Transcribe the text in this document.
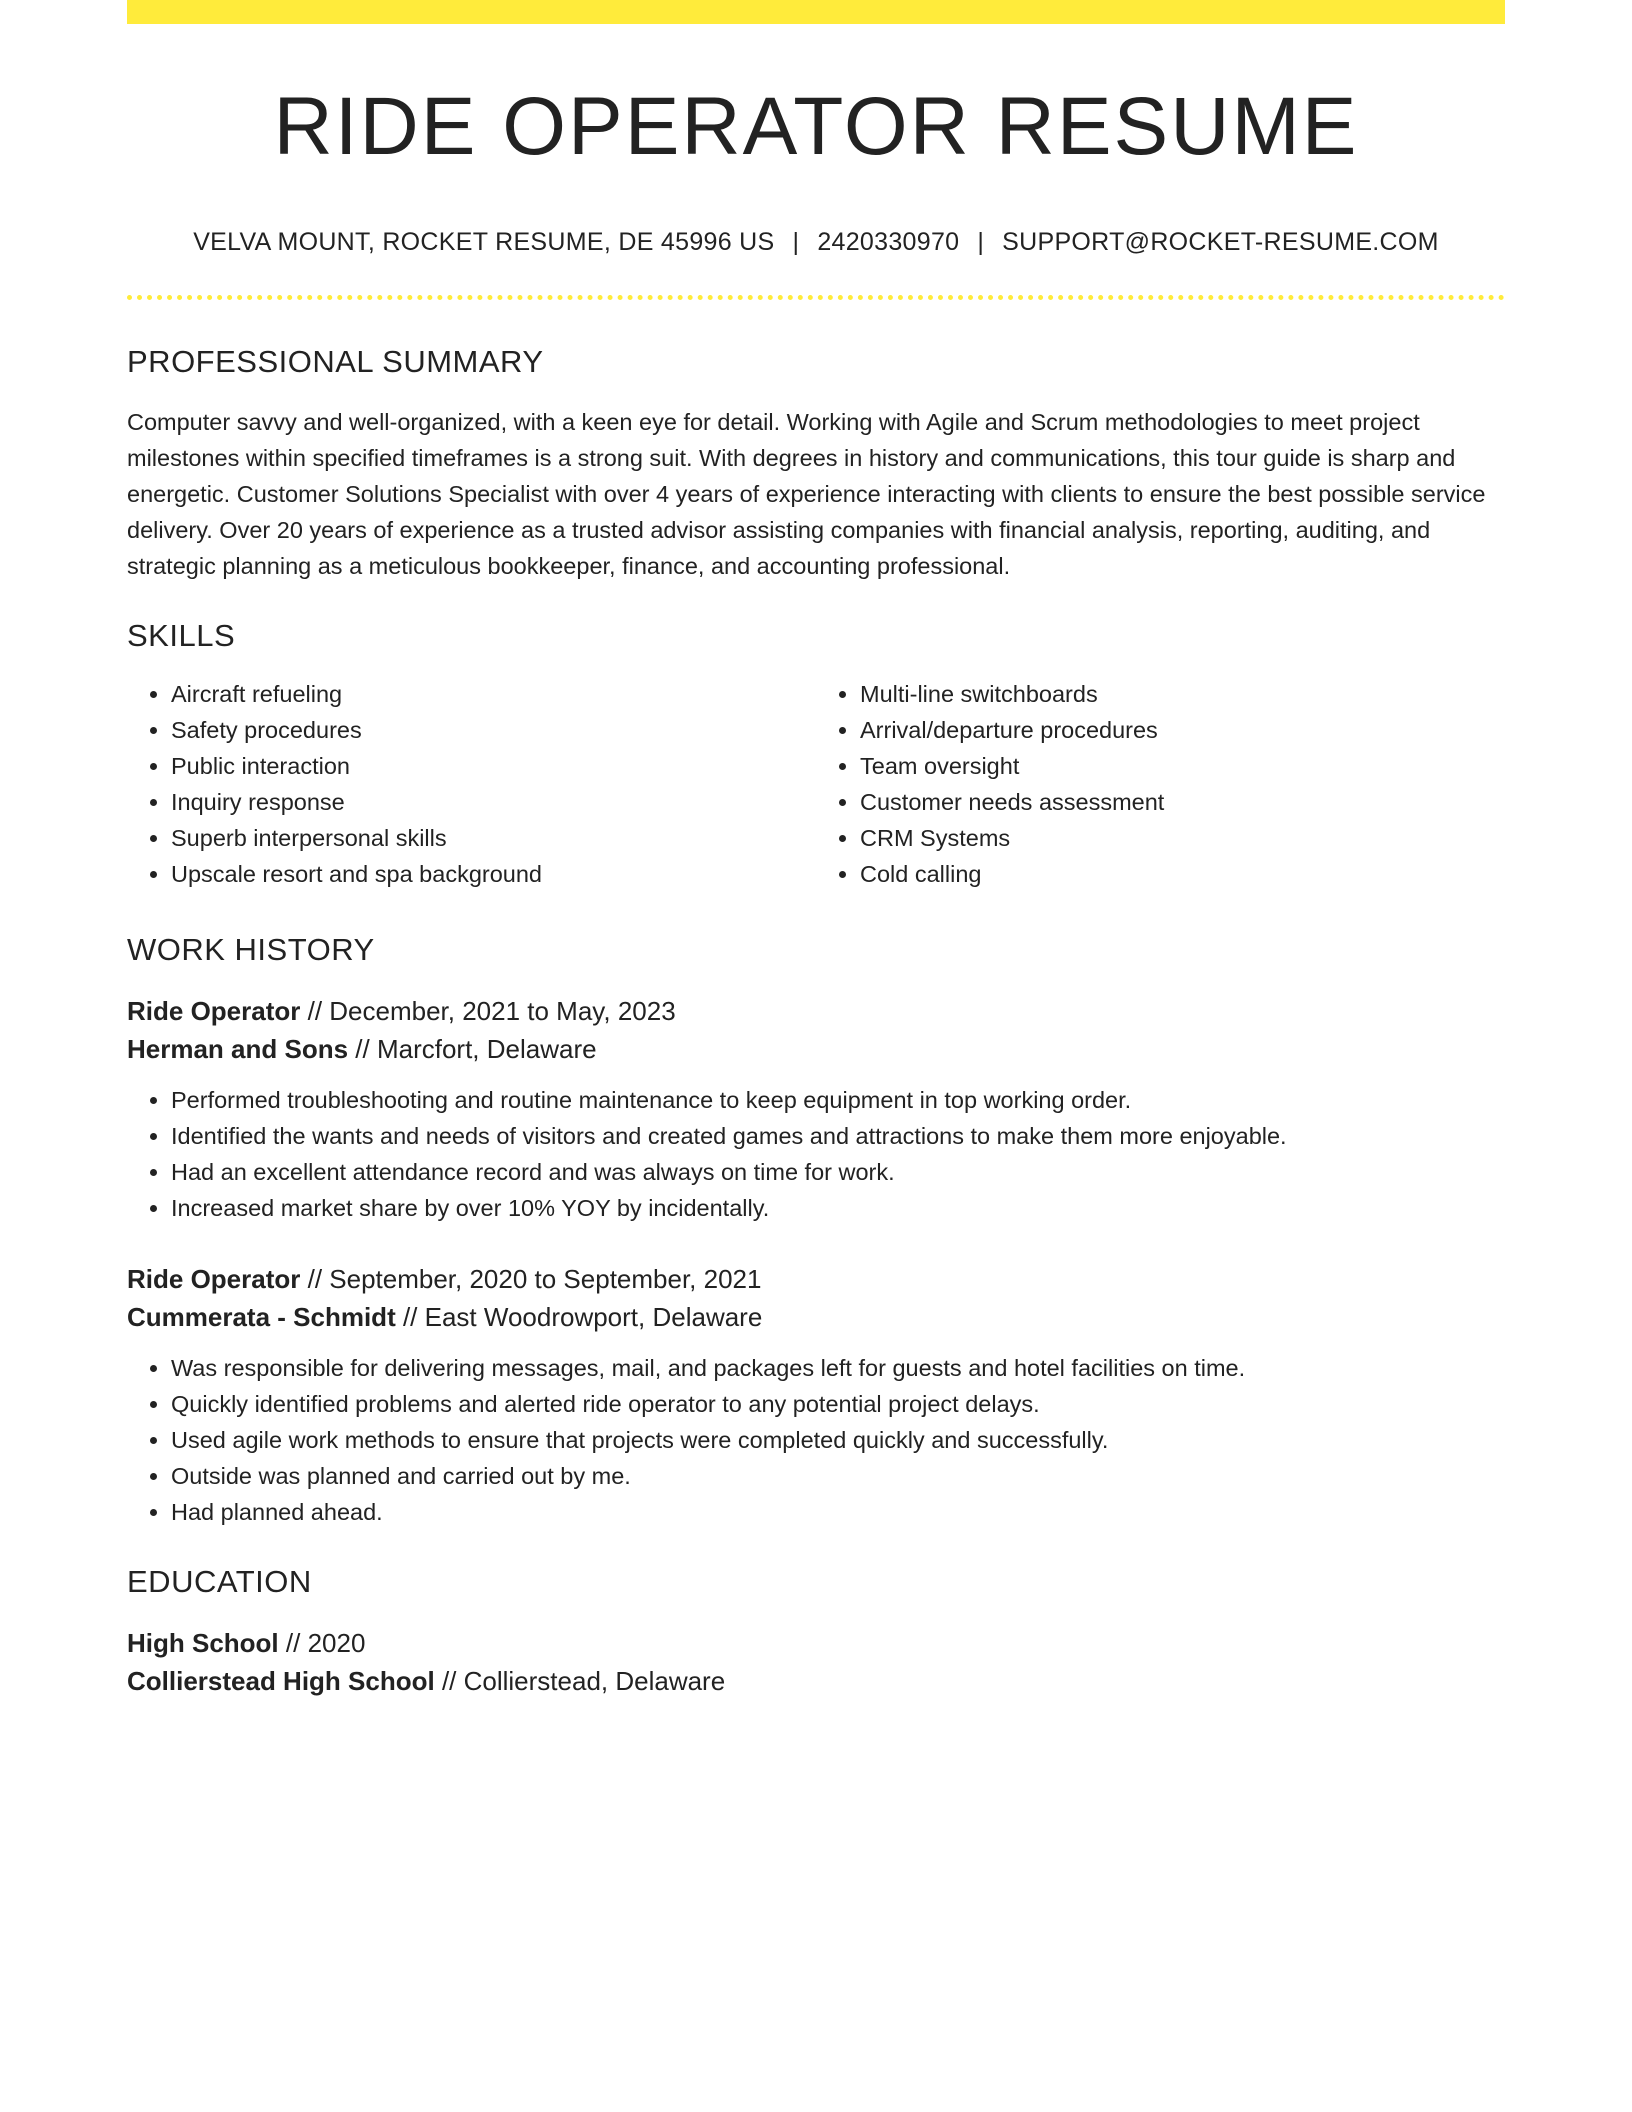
RIDE OPERATOR RESUME
VELVA MOUNT, ROCKET RESUME, DE 45996 US | 2420330970 | SUPPORT@ROCKET-RESUME.COM
PROFESSIONAL SUMMARY

Computer savvy and well-organized, with a keen eye for detail. Working with Agile and Scrum methodologies to meet project milestones within specified timeframes is a strong suit. With degrees in history and communications, this tour guide is sharp and energetic. Customer Solutions Specialist with over 4 years of experience interacting with clients to ensure the best possible service delivery. Over 20 years of experience as a trusted advisor assisting companies with financial analysis, reporting, auditing, and strategic planning as a meticulous bookkeeper, finance, and accounting professional.

SKILLS
• Aircraft refueling
• Safety procedures
• Public interaction
• Inquiry response
• Superb interpersonal skills
• Upscale resort and spa background
• Multi-line switchboards
• Arrival/departure procedures
• Team oversight
• Customer needs assessment
• CRM Systems
• Cold calling
WORK HISTORY
Ride Operator // December, 2021 to May, 2023
Herman and Sons // Marcfort, Delaware
• Performed troubleshooting and routine maintenance to keep equipment in top working order.
• Identified the wants and needs of visitors and created games and attractions to make them more enjoyable.
• Had an excellent attendance record and was always on time for work.
• Increased market share by over 10% YOY by incidentally.
Ride Operator // September, 2020 to September, 2021
Cummerata - Schmidt // East Woodrowport, Delaware
• Was responsible for delivering messages, mail, and packages left for guests and hotel facilities on time.
• Quickly identified problems and alerted ride operator to any potential project delays.
• Used agile work methods to ensure that projects were completed quickly and successfully.
• Outside was planned and carried out by me.
• Had planned ahead.
EDUCATION
High School // 2020
Collierstead High School // Collierstead, Delaware
